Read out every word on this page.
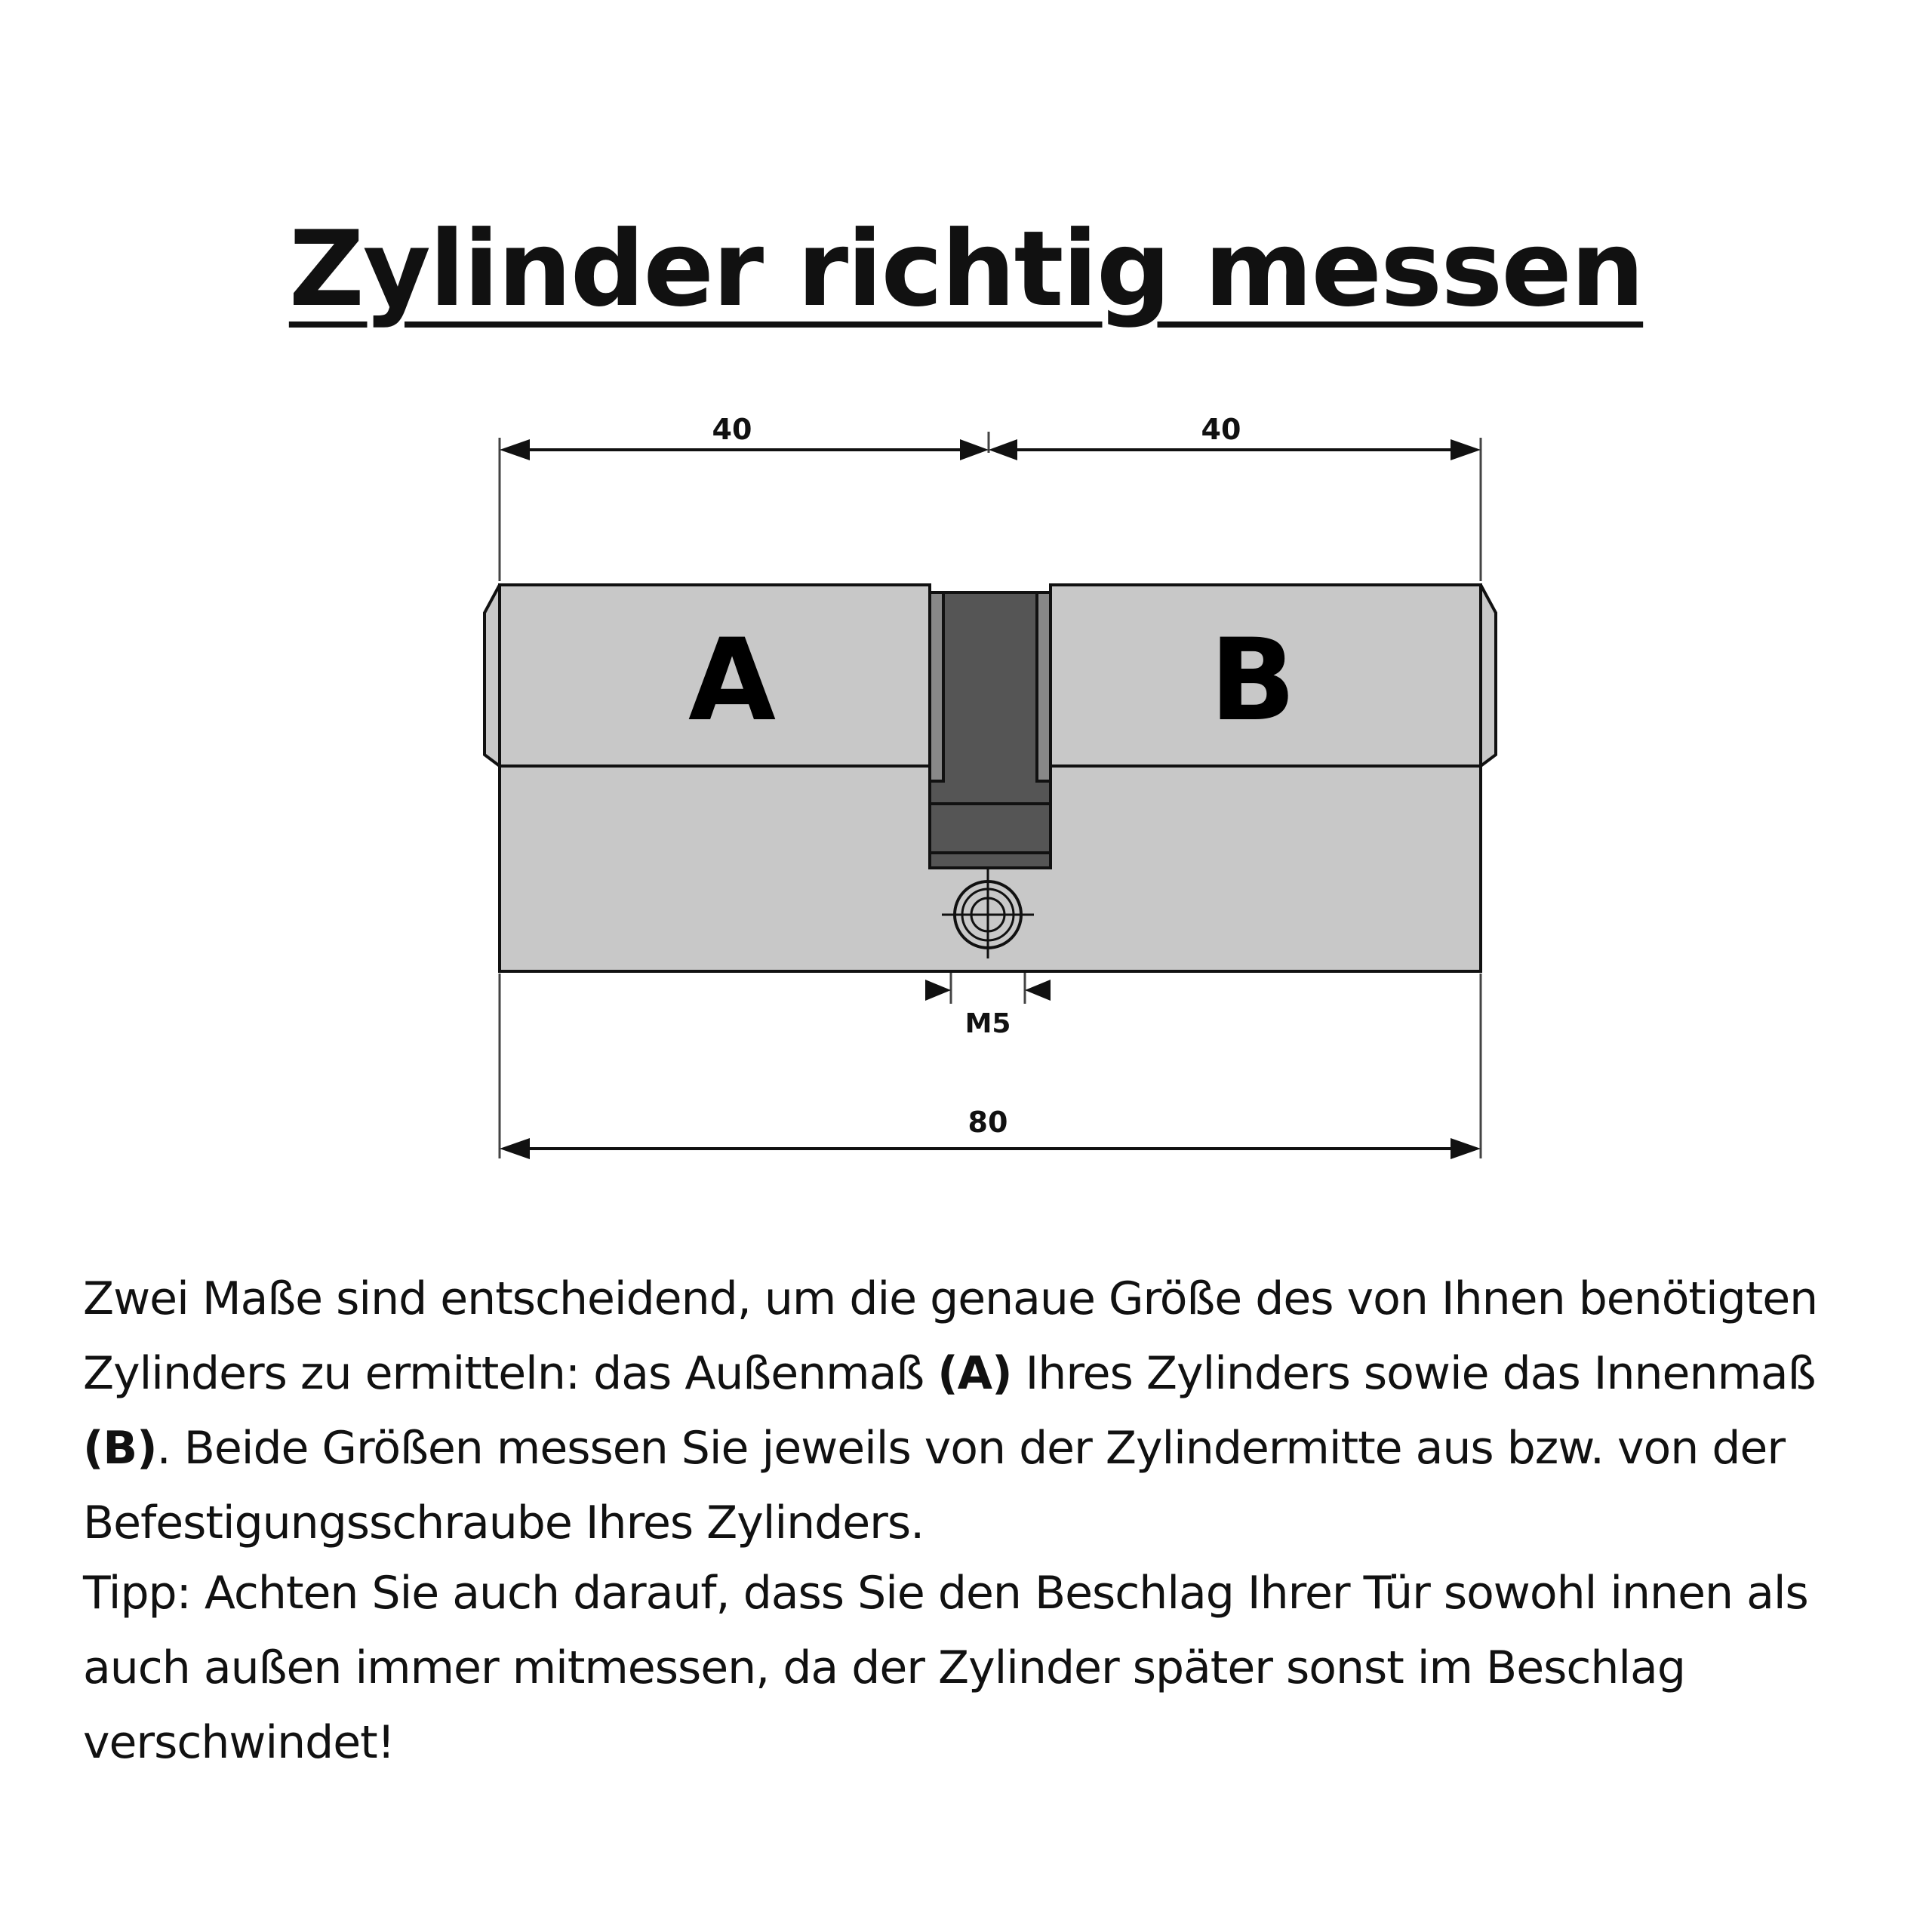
Zylinder richtig messen
40	40
A	B
M5
80
Zwei Maße sind entscheidend, um die genaue Größe des von Ihnen benötigten Zylinders zu ermitteln: das Außenmaß (A) Ihres Zylinders sowie das Innenmaß (B). Beide Größen messen Sie jeweils von der Zylindermitte aus bzw. von der Befestigungsschraube Ihres Zylinders.
Tipp: Achten Sie auch darauf, dass Sie den Beschlag Ihrer Tür sowohl innen als auch außen immer mitmessen, da der Zylinder später sonst im Beschlag verschwindet!
